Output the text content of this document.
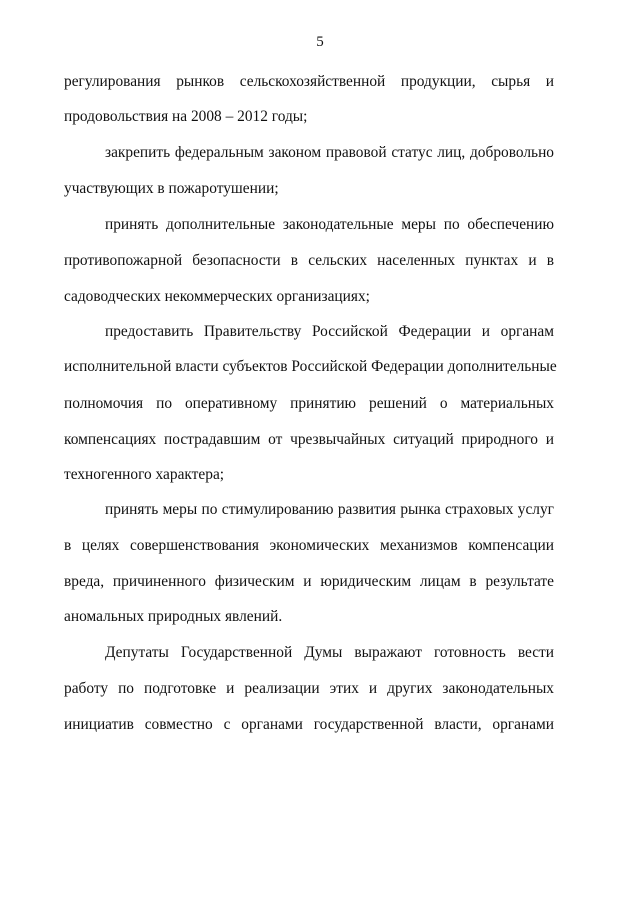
5
регулирования рынков сельскохозяйственной продукции, сырья и
продовольствия на 2008 – 2012 годы;
закрепить федеральным законом правовой статус лиц, добровольно
участвующих в пожаротушении;
принять дополнительные законодательные меры по обеспечению
противопожарной безопасности в сельских населенных пунктах и в
садоводческих некоммерческих организациях;
предоставить Правительству Российской Федерации и органам
исполнительной власти субъектов Российской Федерации дополнительные
полномочия по оперативному принятию решений о материальных
компенсациях пострадавшим от чрезвычайных ситуаций природного и
техногенного характера;
принять меры по стимулированию развития рынка страховых услуг
в целях совершенствования экономических механизмов компенсации
вреда, причиненного физическим и юридическим лицам в результате
аномальных природных явлений.
Депутаты Государственной Думы выражают готовность вести
работу по подготовке и реализации этих и других законодательных
инициатив совместно с органами государственной власти, органами
